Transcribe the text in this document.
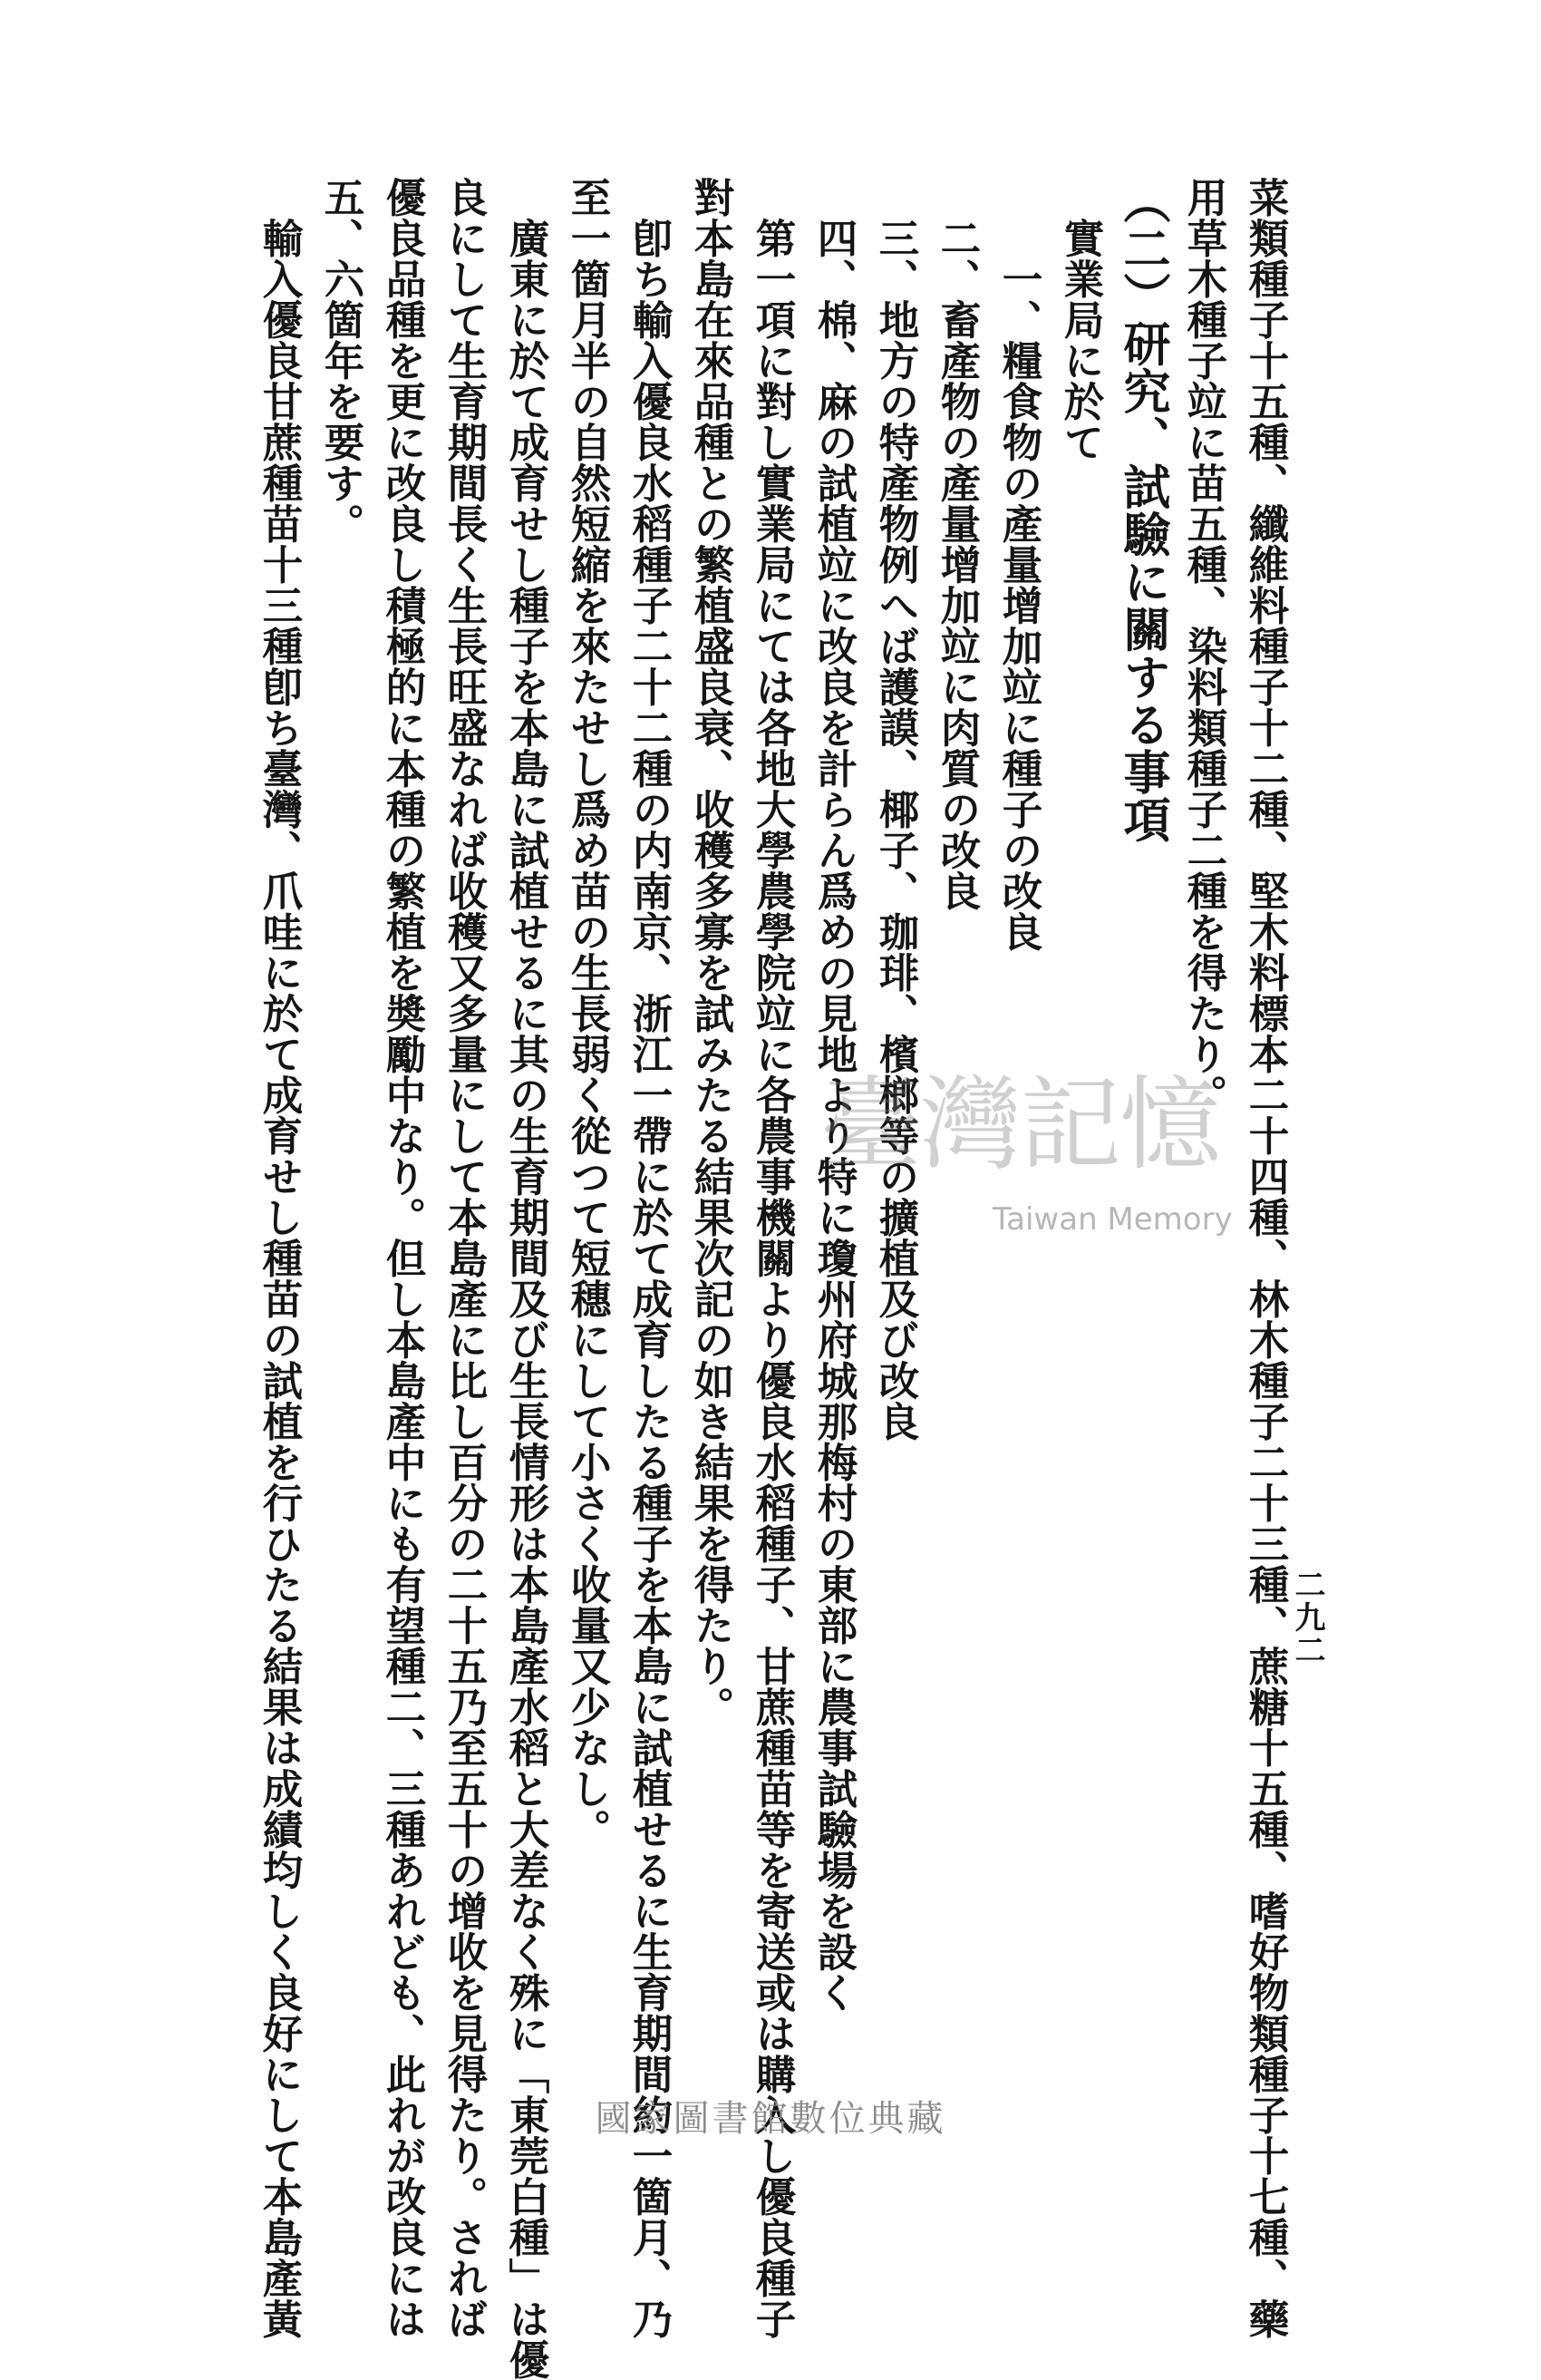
二九二
菜類種子十五種、纖維料種子十二種、堅木料標本二十四種、林木種子二十三種、蔗糖十五種、嗜好物類種子十七種、藥
用草木種子竝に苗五種、染料類種子二種を得たり。
（二）研究、試驗に關する事項
實業局に於て
一、糧食物の產量增加竝に種子の改良
二、畜產物の產量增加竝に肉質の改良
三、地方の特產物例へば護謨、椰子、珈琲、檳榔等の擴植及び改良
四、棉、麻の試植竝に改良を計らん爲めの見地より特に瓊州府城那梅村の東部に農事試驗場を設く
第一項に對し實業局にては各地大學農學院竝に各農事機關より優良水稻種子、甘蔗種苗等を寄送或は購入し優良種子
對本島在來品種との繁植盛良衰、收穫多寡を試みたる結果次記の如き結果を得たり。
卽ち輸入優良水稻種子二十二種の内南京、浙江一帶に於て成育したる種子を本島に試植せるに生育期間約一箇月、乃
至一箇月半の自然短縮を來たせし爲め苗の生長弱く從つて短穗にして小さく收量又少なし。
廣東に於て成育せし種子を本島に試植せるに其の生育期間及び生長情形は本島產水稻と大差なく殊に「東莞白種」は優
良にして生育期間長く生長旺盛なれば收穫又多量にして本島產に比し百分の二十五乃至五十の增收を見得たり。されば
優良品種を更に改良し積極的に本種の繁植を奬勵中なり。但し本島產中にも有望種二、三種あれども、此れが改良には
五、六箇年を要す。
輸入優良甘蔗種苗十三種卽ち臺灣、爪哇に於て成育せし種苗の試植を行ひたる結果は成績均しく良好にして本島產黃	臺灣記憶
Taiwan Memory
國家圖書館數位典藏
